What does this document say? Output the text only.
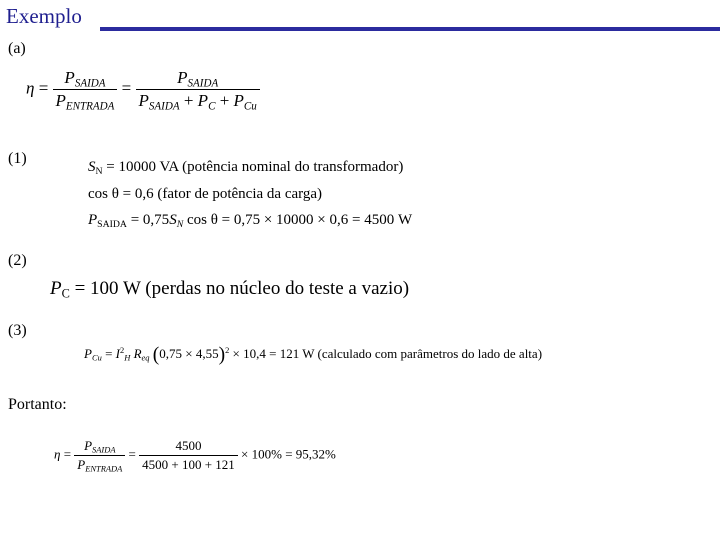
Exemplo
(a)
$\eta = \frac{P_{SAIDA}}{P_{ENTRADA}} = \frac{P_{SAIDA}}{P_{SAIDA} + P_C + P_{Cu}}$
(1)	$S_N = 10000$ VA (potência nominal do transformador)
cos θ = 0,6 (fator de potência da carga)
$P_{SAIDA} = 0,75S_N$ cos θ = 0,75 × 10000 × 0,6 = 4500 W
(2)
$P_C = 100$ W (perdas no núcleo do teste a vazio)
(3)
$P_{Cu} = I^2_H$ $R_{eq}$ $(0,75 \times 4,55)^2 \times 10,4 = 121$ W (calculado com parâmetros do lado de alta)
Portanto:
$\eta = \frac{P_{SAIDA}}{P_{ENTRADA}} = \frac{4500}{4500 + 100 + 121} \times 100\% = 95,32\%$
